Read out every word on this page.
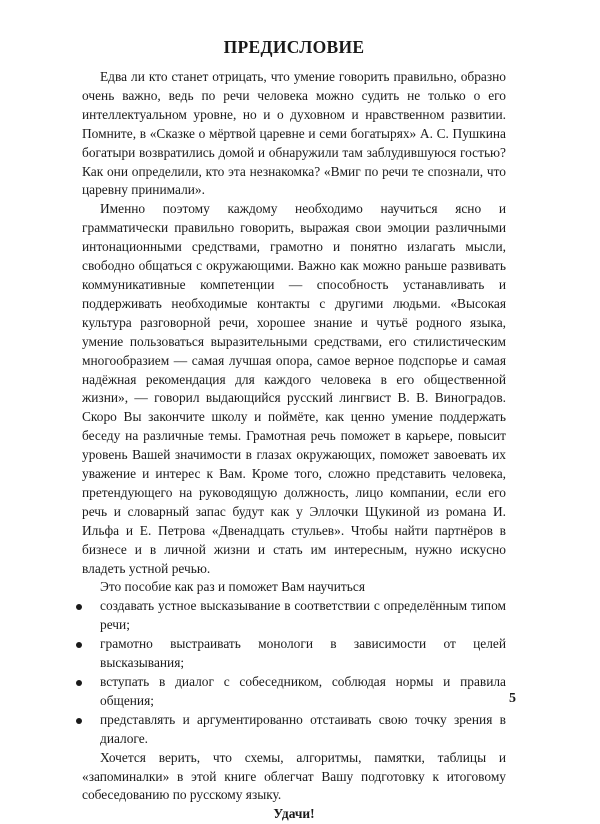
ПРЕДИСЛОВИЕ

Едва ли кто станет отрицать, что умение говорить правильно, образно очень важно, ведь по речи человека можно судить не только о его интеллектуальном уровне, но и о духовном и нравственном развитии. Помните, в «Сказке о мёртвой царевне и семи богатырях» А. С. Пушкина богатыри возвратились домой и обнаружили там заблудившуюся гостью? Как они определили, кто эта незнакомка? «Вмиг по речи те спознали, что царевну принимали».

Именно поэтому каждому необходимо научиться ясно и грамматически правильно говорить, выражая свои эмоции различными интонационными средствами, грамотно и понятно излагать мысли, свободно общаться с окружающими. Важно как можно раньше развивать коммуникативные компетенции — способность устанавливать и поддерживать необходимые контакты с другими людьми. «Высокая культура разговорной речи, хорошее знание и чутьё родного языка, умение пользоваться выразительными средствами, его стилистическим многообразием — самая лучшая опора, самое верное подспорье и самая надёжная рекомендация для каждого человека в его общественной жизни», — говорил выдающийся русский лингвист В. В. Виноградов. Скоро Вы закончите школу и поймёте, как ценно умение поддержать беседу на различные темы. Грамотная речь поможет в карьере, повысит уровень Вашей значимости в глазах окружающих, поможет завоевать их уважение и интерес к Вам. Кроме того, сложно представить человека, претендующего на руководящую должность, лицо компании, если его речь и словарный запас будут как у Эллочки Щукиной из романа И. Ильфа и Е. Петрова «Двенадцать стульев». Чтобы найти партнёров в бизнесе и в личной жизни и стать им интересным, нужно искусно владеть устной речью.

Это пособие как раз и поможет Вам научиться

создавать устное высказывание в соответствии с определённым типом речи;
грамотно выстраивать монологи в зависимости от целей высказывания;
вступать в диалог с собеседником, соблюдая нормы и правила общения;
представлять и аргументированно отстаивать свою точку зрения в диалоге.

Хочется верить, что схемы, алгоритмы, памятки, таблицы и «запоминалки» в этой книге облегчат Вашу подготовку к итоговому собеседованию по русскому языку.

Удачи!

5
